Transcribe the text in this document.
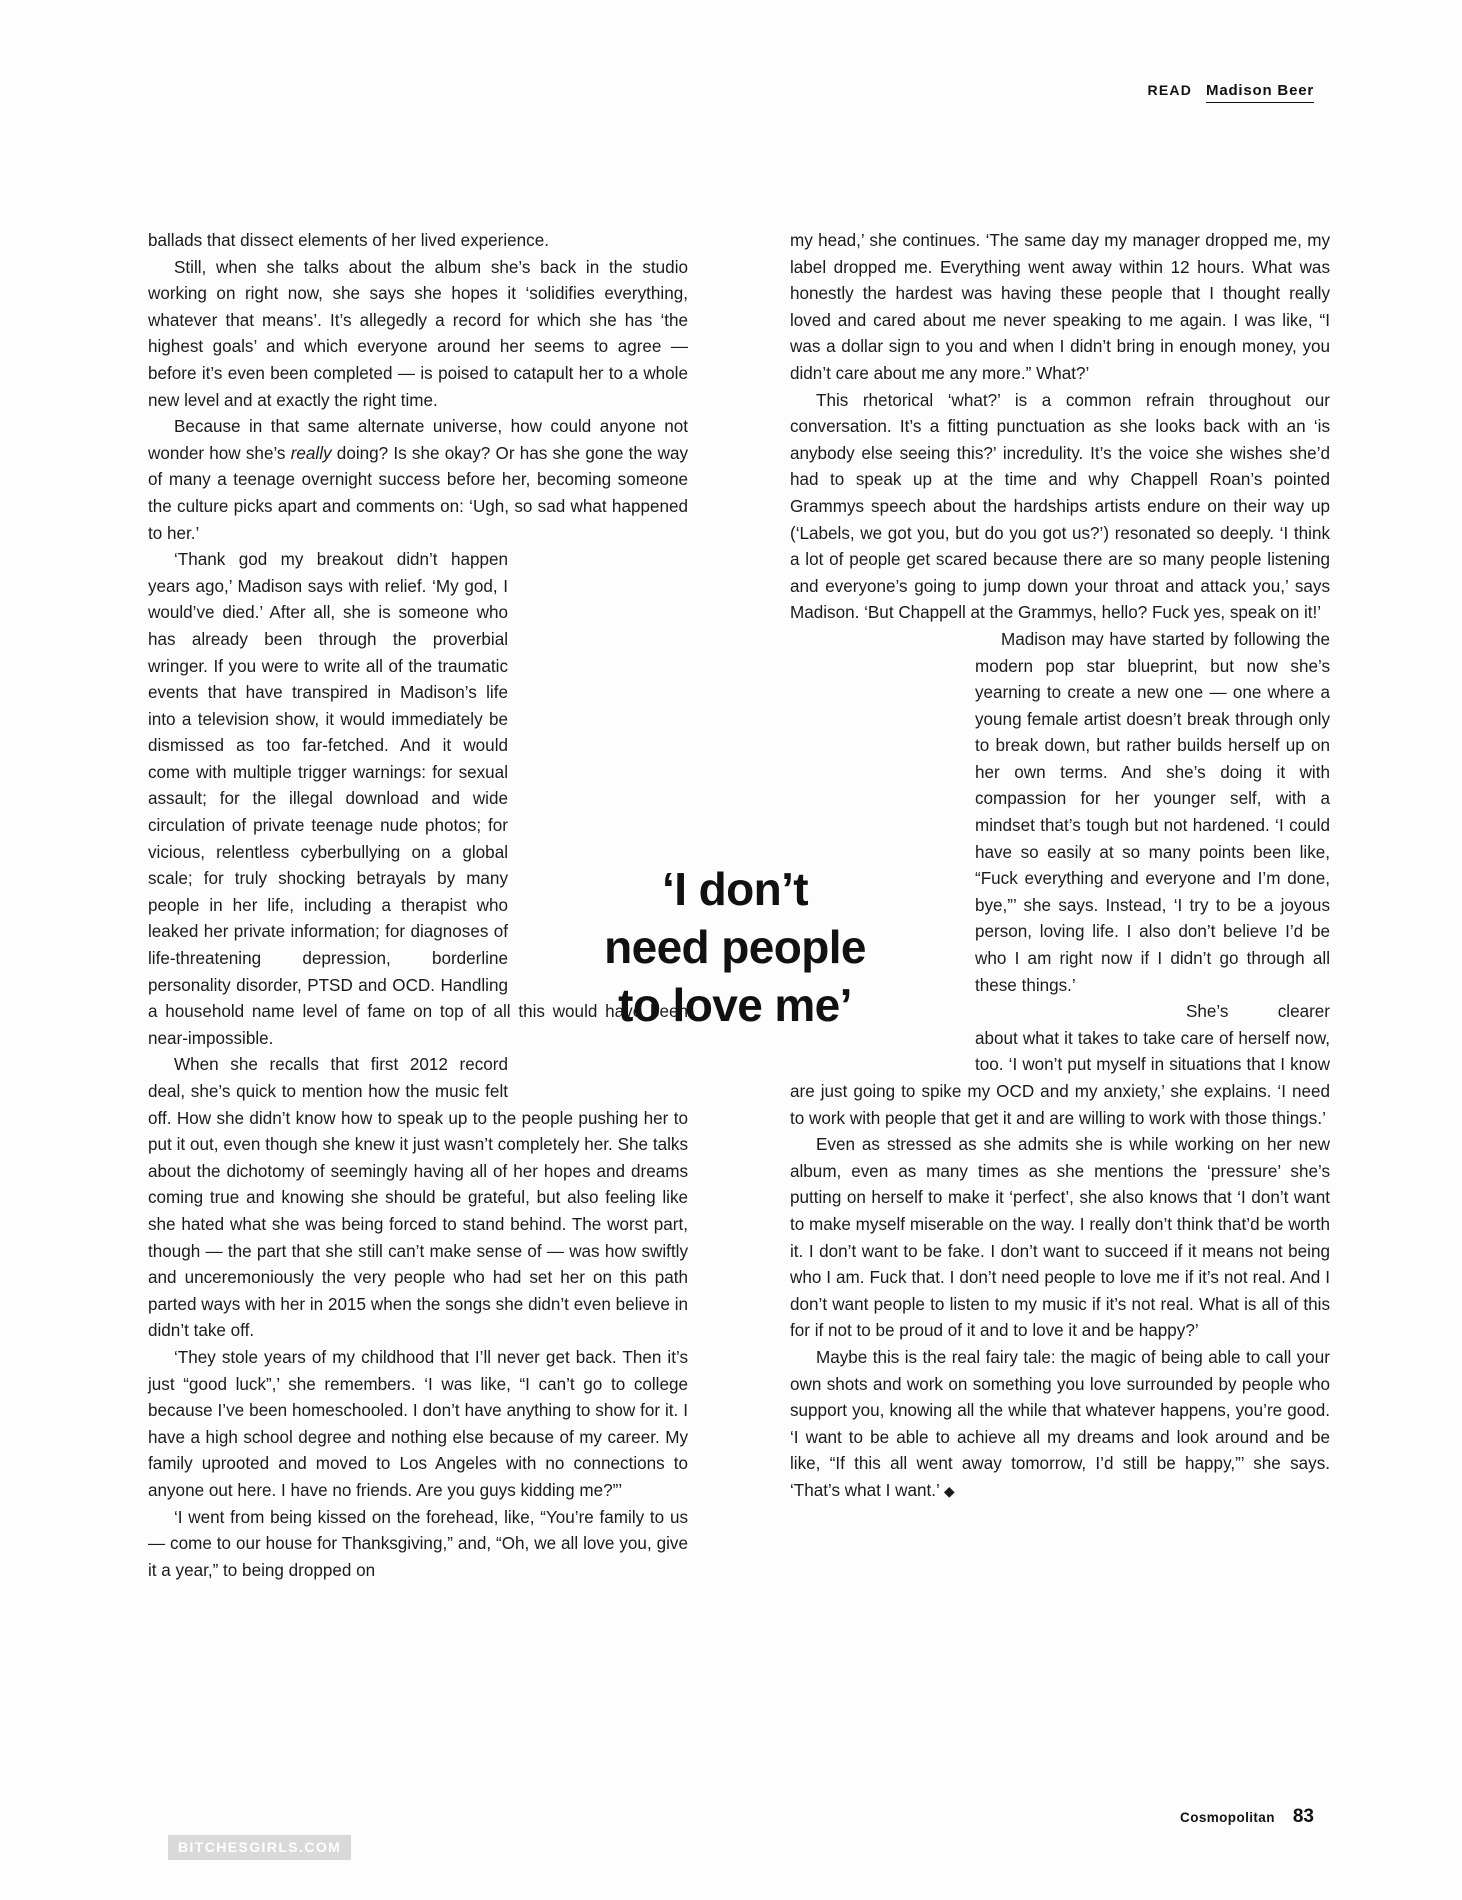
READ Madison Beer

ballads that dissect elements of her lived experience.

Still, when she talks about the album she’s back in the studio working on right now, she says she hopes it ‘solidifies everything, whatever that means’. It’s allegedly a record for which she has ‘the highest goals’ and which everyone around her seems to agree — before it’s even been completed — is poised to catapult her to a whole new level and at exactly the right time.

Because in that same alternate universe, how could anyone not wonder how she’s really doing? Is she okay? Or has she gone the way of many a teenage overnight success before her, becoming someone the culture picks apart and comments on: ‘Ugh, so sad what happened to her.’

‘Thank god my breakout didn’t happen years ago,’ Madison says with relief. ‘My god, I would’ve died.’ After all, she is someone who has already been through the proverbial wringer. If you were to write all of the traumatic events that have transpired in Madison’s life into a television show, it would immediately be dismissed as too far-fetched. And it would come with multiple trigger warnings: for sexual assault; for the illegal download and wide circulation of private teenage nude photos; for vicious, relentless cyberbullying on a global scale; for truly shocking betrayals by many people in her life, including a therapist who leaked her private information; for diagnoses of life-threatening depression, borderline personality disorder, PTSD and OCD. Handling a household name level of fame on top of all this would have been near-impossible.

When she recalls that first 2012 record deal, she’s quick to mention how the music felt off. How she didn’t know how to speak up to the people pushing her to put it out, even though she knew it just wasn’t completely her. She talks about the dichotomy of seemingly having all of her hopes and dreams coming true and knowing she should be grateful, but also feeling like she hated what she was being forced to stand behind. The worst part, though — the part that she still can’t make sense of — was how swiftly and unceremoniously the very people who had set her on this path parted ways with her in 2015 when the songs she didn’t even believe in didn’t take off.

‘They stole years of my childhood that I’ll never get back. Then it’s just “good luck”,’ she remembers. ‘I was like, “I can’t go to college because I’ve been homeschooled. I don’t have anything to show for it. I have a high school degree and nothing else because of my career. My family uprooted and moved to Los Angeles with no connections to anyone out here. I have no friends. Are you guys kidding me?”’

‘I went from being kissed on the forehead, like, “You’re family to us — come to our house for Thanksgiving,” and, “Oh, we all love you, give it a year,” to being dropped on

my head,’ she continues. ‘The same day my manager dropped me, my label dropped me. Everything went away within 12 hours. What was honestly the hardest was having these people that I thought really loved and cared about me never speaking to me again. I was like, “I was a dollar sign to you and when I didn’t bring in enough money, you didn’t care about me any more.” What?’

This rhetorical ‘what?’ is a common refrain throughout our conversation. It’s a fitting punctuation as she looks back with an ‘is anybody else seeing this?’ incredulity. It’s the voice she wishes she’d had to speak up at the time and why Chappell Roan’s pointed Grammys speech about the hardships artists endure on their way up (‘Labels, we got you, but do you got us?’) resonated so deeply. ‘I think a lot of people get scared because there are so many people listening and everyone’s going to jump down your throat and attack you,’ says Madison. ‘But Chappell at the Grammys, hello? Fuck yes, speak on it!’

Madison may have started by following the modern pop star blueprint, but now she’s yearning to create a new one — one where a young female artist doesn’t break through only to break down, but rather builds herself up on her own terms. And she’s doing it with compassion for her younger self, with a mindset that’s tough but not hardened. ‘I could have so easily at so many points been like, “Fuck everything and everyone and I’m done, bye,”’ she says. Instead, ‘I try to be a joyous person, loving life. I also don’t believe I’d be who I am right now if I didn’t go through all these things.’

She’s clearer about what it takes to take care of herself now, too. ‘I won’t put myself in situations that I know are just going to spike my OCD and my anxiety,’ she explains. ‘I need to work with people that get it and are willing to work with those things.’

Even as stressed as she admits she is while working on her new album, even as many times as she mentions the ‘pressure’ she’s putting on herself to make it ‘perfect’, she also knows that ‘I don’t want to make myself miserable on the way. I really don’t think that’d be worth it. I don’t want to be fake. I don’t want to succeed if it means not being who I am. Fuck that. I don’t need people to love me if it’s not real. And I don’t want people to listen to my music if it’s not real. What is all of this for if not to be proud of it and to love it and be happy?’

Maybe this is the real fairy tale: the magic of being able to call your own shots and work on something you love surrounded by people who support you, knowing all the while that whatever happens, you’re good. ‘I want to be able to achieve all my dreams and look around and be like, “If this all went away tomorrow, I’d still be happy,”’ she says. ‘That’s what I want.’ ◆

‘I don’t
need people
to love me’
Cosmopolitan 83
BITCHESGIRLS.COM
